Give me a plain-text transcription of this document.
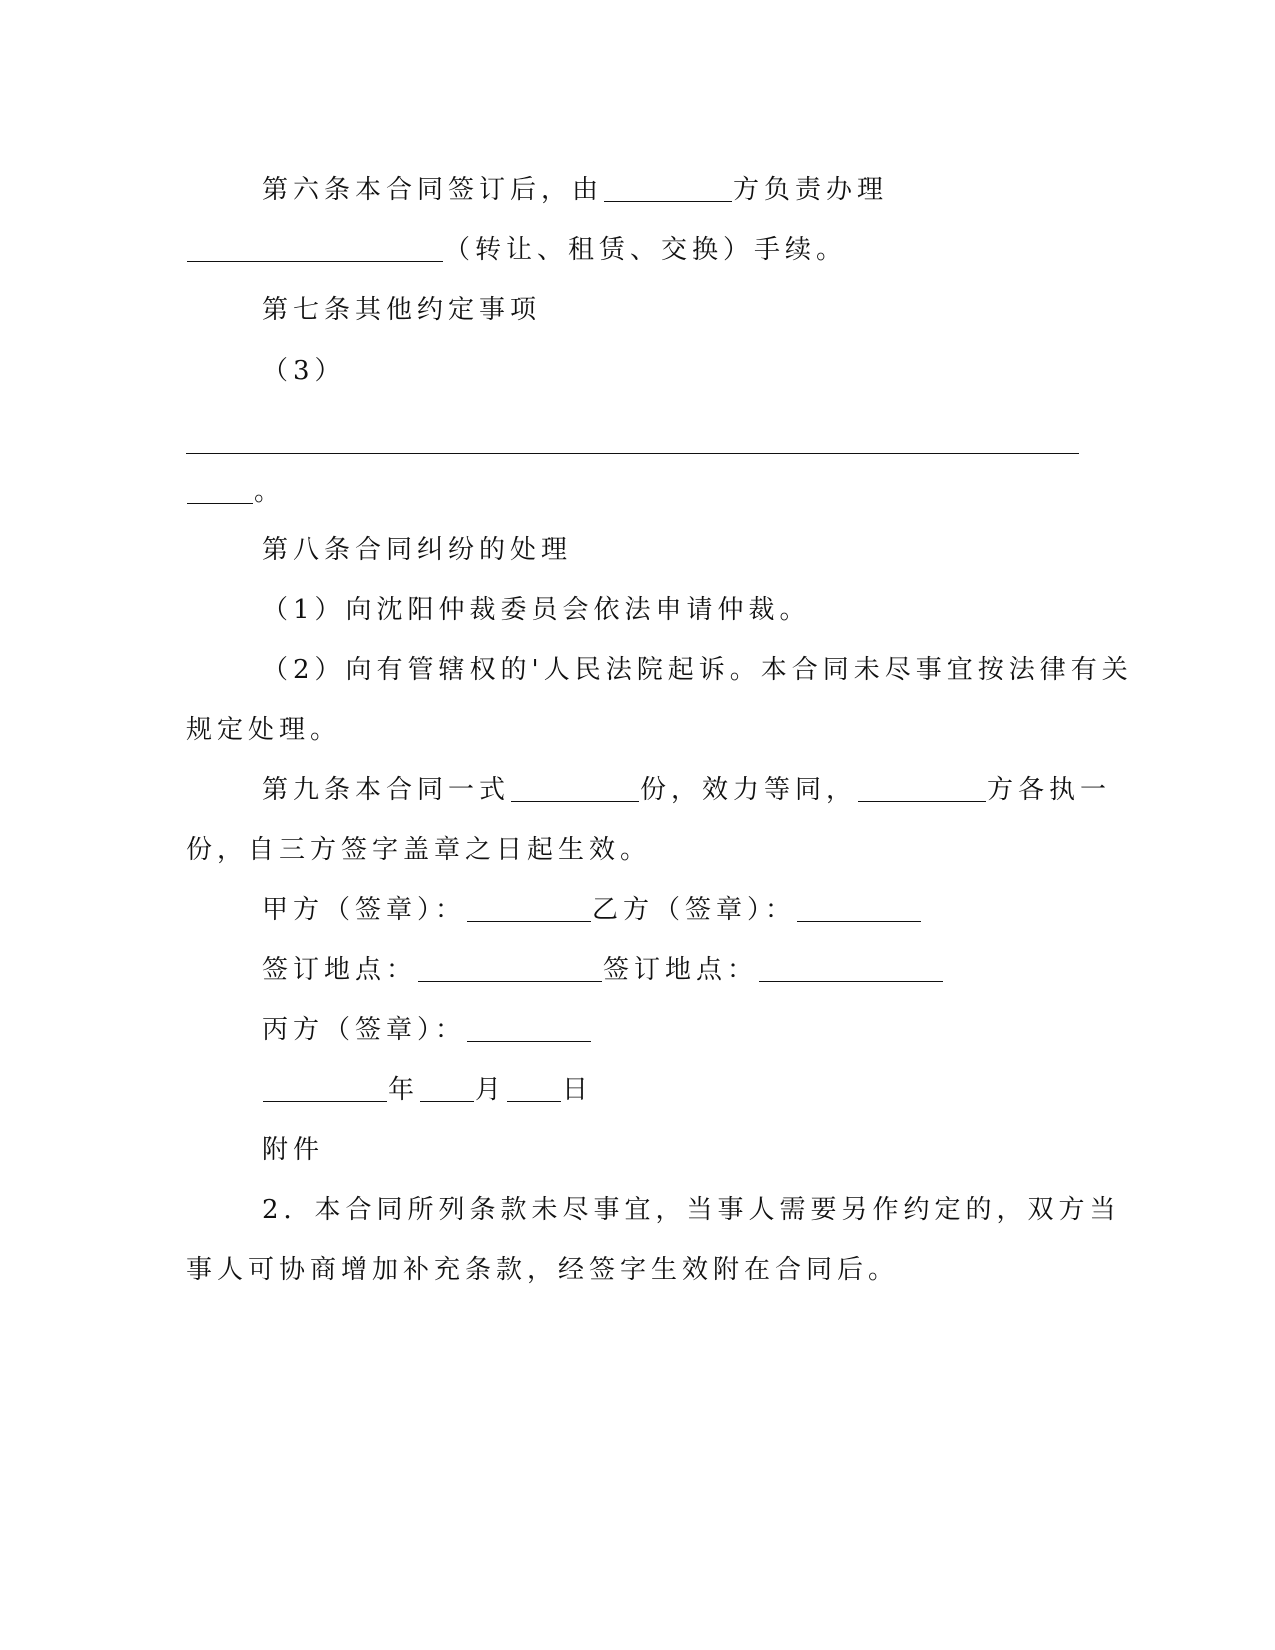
第六条本合同签订后，由	方负责办理
（转让、租赁、交换）手续。
第七条其他约定事项
（3）
。
第八条合同纠纷的处理
（1）向沈阳仲裁委员会依法申请仲裁。
（2）向有管辖权的'人民法院起诉。本合同未尽事宜按法律有关
规定处理。
第九条本合同一式	份，效力等同，	方各执一
份，自三方签字盖章之日起生效。
甲方（签章）：	乙方（签章）：
签订地点：	签订地点：
丙方（签章）：
年 月 日
附件
2．本合同所列条款未尽事宜，当事人需要另作约定的，双方当
事人可协商增加补充条款，经签字生效附在合同后。
